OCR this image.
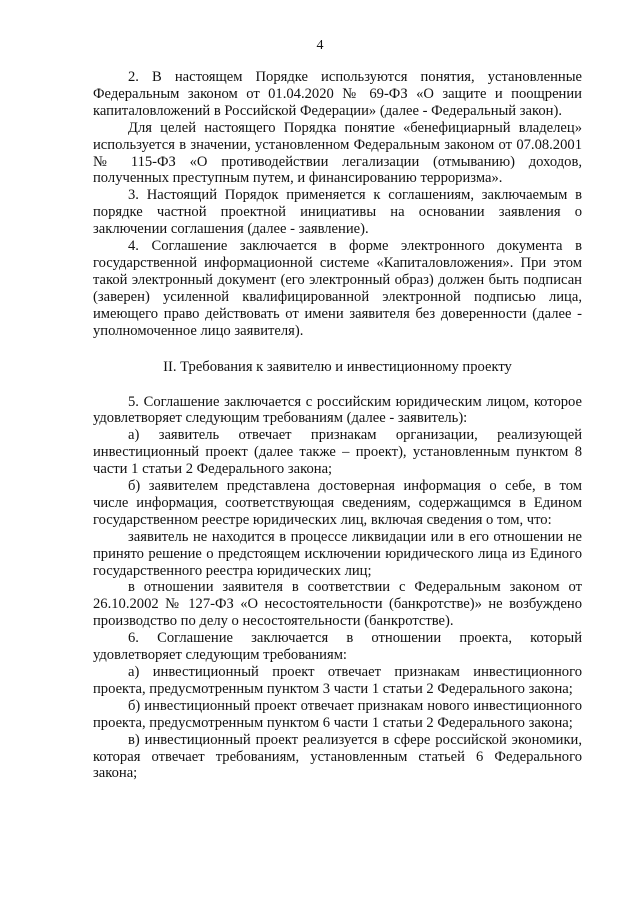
4

2. В настоящем Порядке используются понятия, установленные Федеральным законом от 01.04.2020 № 69-ФЗ «О защите и поощрении капиталовложений в Российской Федерации» (далее - Федеральный закон).

Для целей настоящего Порядка понятие «бенефициарный владелец» используется в значении, установленном Федеральным законом от 07.08.2001 № 115-ФЗ «О противодействии легализации (отмыванию) доходов, полученных преступным путем, и финансированию терроризма».

3. Настоящий Порядок применяется к соглашениям, заключаемым в порядке частной проектной инициативы на основании заявления о заключении соглашения (далее - заявление).

4. Соглашение заключается в форме электронного документа в государственной информационной системе «Капиталовложения». При этом такой электронный документ (его электронный образ) должен быть подписан (заверен) усиленной квалифицированной электронной подписью лица, имеющего право действовать от имени заявителя без доверенности (далее - уполномоченное лицо заявителя).

II. Требования к заявителю и инвестиционному проекту

5. Соглашение заключается с российским юридическим лицом, которое удовлетворяет следующим требованиям (далее - заявитель):

а) заявитель отвечает признакам организации, реализующей инвестиционный проект (далее также – проект), установленным пунктом 8 части 1 статьи 2 Федерального закона;

б) заявителем представлена достоверная информация о себе, в том числе информация, соответствующая сведениям, содержащимся в Едином государственном реестре юридических лиц, включая сведения о том, что:

заявитель не находится в процессе ликвидации или в его отношении не принято решение о предстоящем исключении юридического лица из Единого государственного реестра юридических лиц;

в отношении заявителя в соответствии с Федеральным законом от 26.10.2002 № 127-ФЗ «О несостоятельности (банкротстве)» не возбуждено производство по делу о несостоятельности (банкротстве).

6. Соглашение заключается в отношении проекта, который удовлетворяет следующим требованиям:

а) инвестиционный проект отвечает признакам инвестиционного проекта, предусмотренным пунктом 3 части 1 статьи 2 Федерального закона;

б) инвестиционный проект отвечает признакам нового инвестиционного проекта, предусмотренным пунктом 6 части 1 статьи 2 Федерального закона;

в) инвестиционный проект реализуется в сфере российской экономики, которая отвечает требованиям, установленным статьей 6 Федерального закона;
